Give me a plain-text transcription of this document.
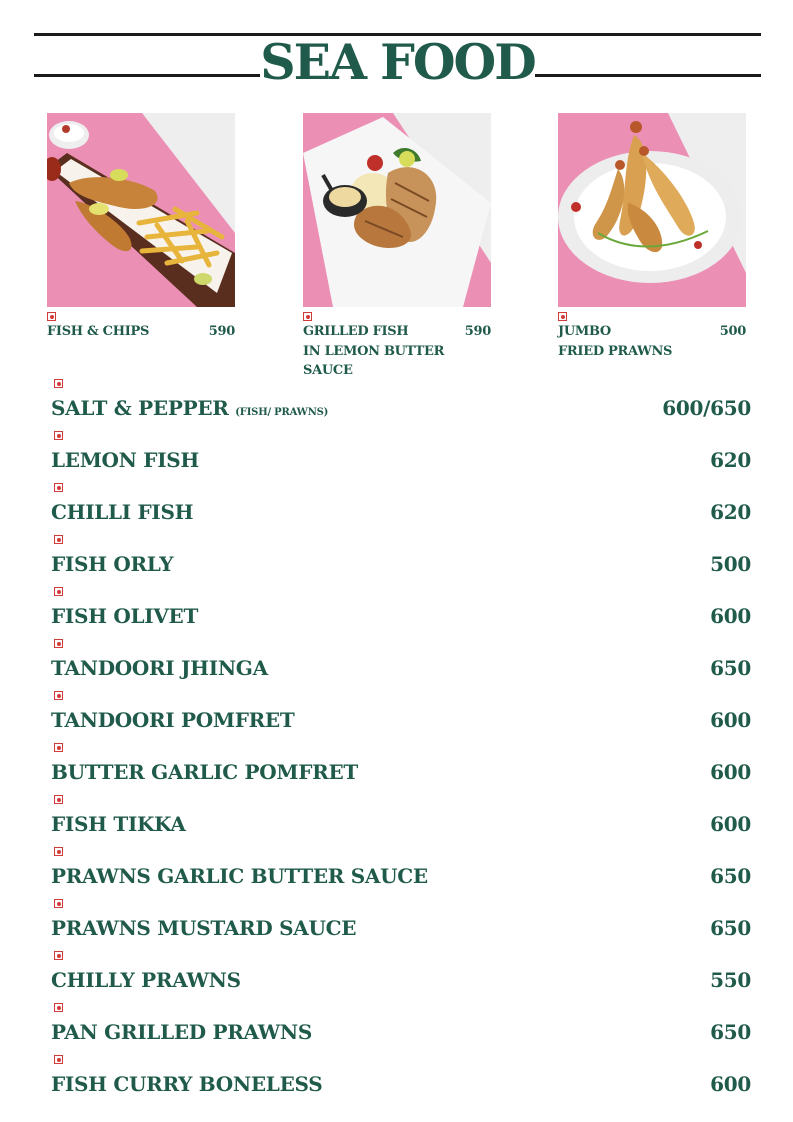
SEA FOOD
FISH & CHIPS	590	GRILLED FISH
IN LEMON BUTTER
SAUCE
590	JUMBO
FRIED PRAWNS
500
SALT & PEPPER (FISH/ PRAWNS)	600/650
LEMON FISH	620
CHILLI FISH	620
FISH ORLY	500
FISH OLIVET	600
TANDOORI JHINGA	650
TANDOORI POMFRET	600
BUTTER GARLIC POMFRET	600
FISH TIKKA	600
PRAWNS GARLIC BUTTER SAUCE	650
PRAWNS MUSTARD SAUCE	650
CHILLY PRAWNS	550
PAN GRILLED PRAWNS	650
FISH CURRY BONELESS	600
